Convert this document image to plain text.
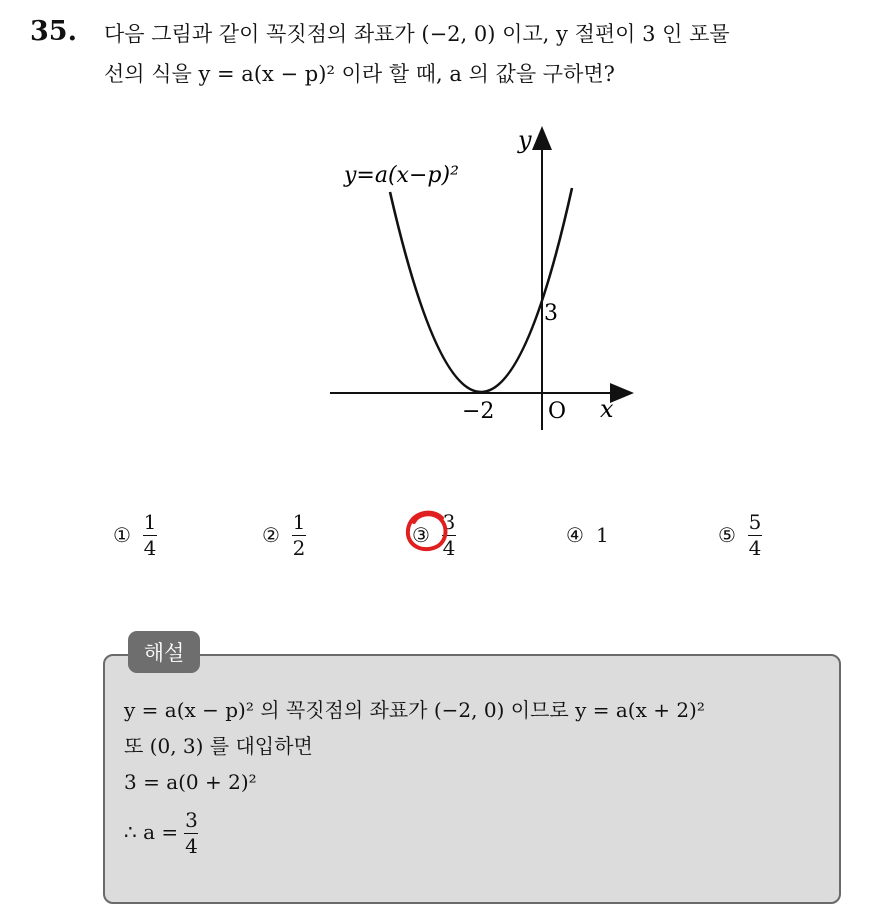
35. 다음 그림과 같이 꼭짓점의 좌표가 (−2, 0) 이고, y 절편이 3 인 포물
선의 식을 y = a(x − p)² 이라 할 때, a 의 값을 구하면?
y=a(x−p)²
y
x
O
−2
3
① $\frac{1}{4}$	② $\frac{1}{2}$	③ $\frac{3}{4}$	④ 1	⑤ $\frac{5}{4}$
해설
y = a(x − p)² 의 꼭짓점의 좌표가 (−2, 0) 이므로 y = a(x + 2)²
또 (0, 3) 를 대입하면
3 = a(0 + 2)²
∴ $a = \frac{3}{4}$
